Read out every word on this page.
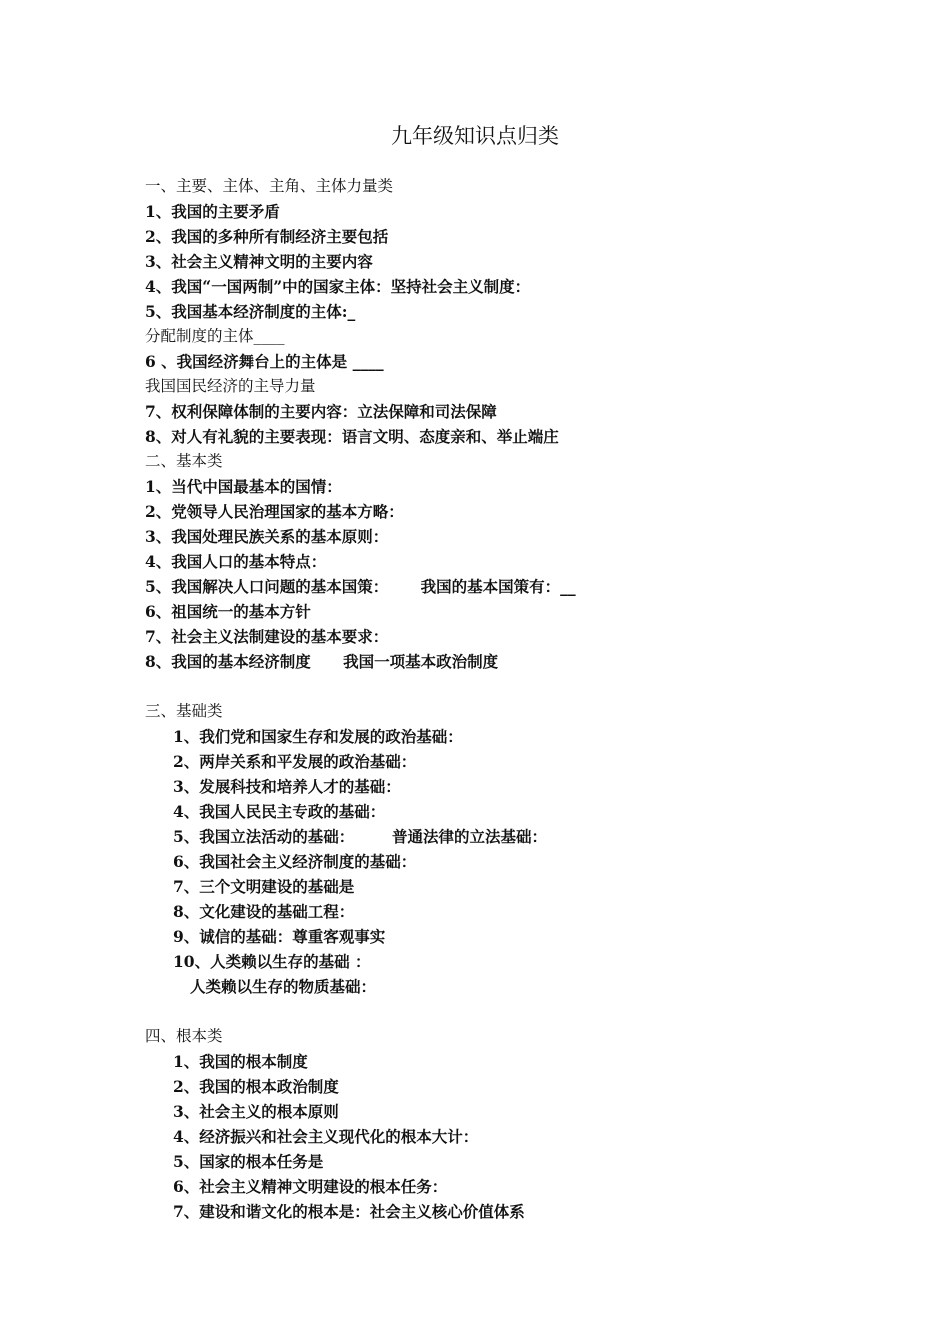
九年级知识点归类
一、主要、主体、主角、主体力量类
1、我国的主要矛盾
2、我国的多种所有制经济主要包括
3、社会主义精神文明的主要内容
4、我国“一国两制”中的国家主体：坚持社会主义制度：
5、我国基本经济制度的主体:_
分配制度的主体____
6 、我国经济舞台上的主体是 ____
我国国民经济的主导力量
7、权利保障体制的主要内容：立法保障和司法保障
8、对人有礼貌的主要表现：语言文明、态度亲和、举止端庄
二、基本类
1、当代中国最基本的国情：
2、党领导人民治理国家的基本方略：
3、我国处理民族关系的基本原则：
4、我国人口的基本特点：
5、我国解决人口问题的基本国策：      我国的基本国策有：__
6、祖国统一的基本方针
7、社会主义法制建设的基本要求：
8、我国的基本经济制度      我国一项基本政治制度
三、基础类
1、我们党和国家生存和发展的政治基础：
2、两岸关系和平发展的政治基础：
3、发展科技和培养人才的基础：
4、我国人民民主专政的基础：
5、我国立法活动的基础：       普通法律的立法基础：
6、我国社会主义经济制度的基础：
7、三个文明建设的基础是
8、文化建设的基础工程：
9、诚信的基础：尊重客观事实
10、人类赖以生存的基础 ：
人类赖以生存的物质基础：
四、根本类
1、我国的根本制度
2、我国的根本政治制度
3、社会主义的根本原则
4、经济振兴和社会主义现代化的根本大计：
5、国家的根本任务是
6、社会主义精神文明建设的根本任务：
7、建设和谐文化的根本是：社会主义核心价值体系
